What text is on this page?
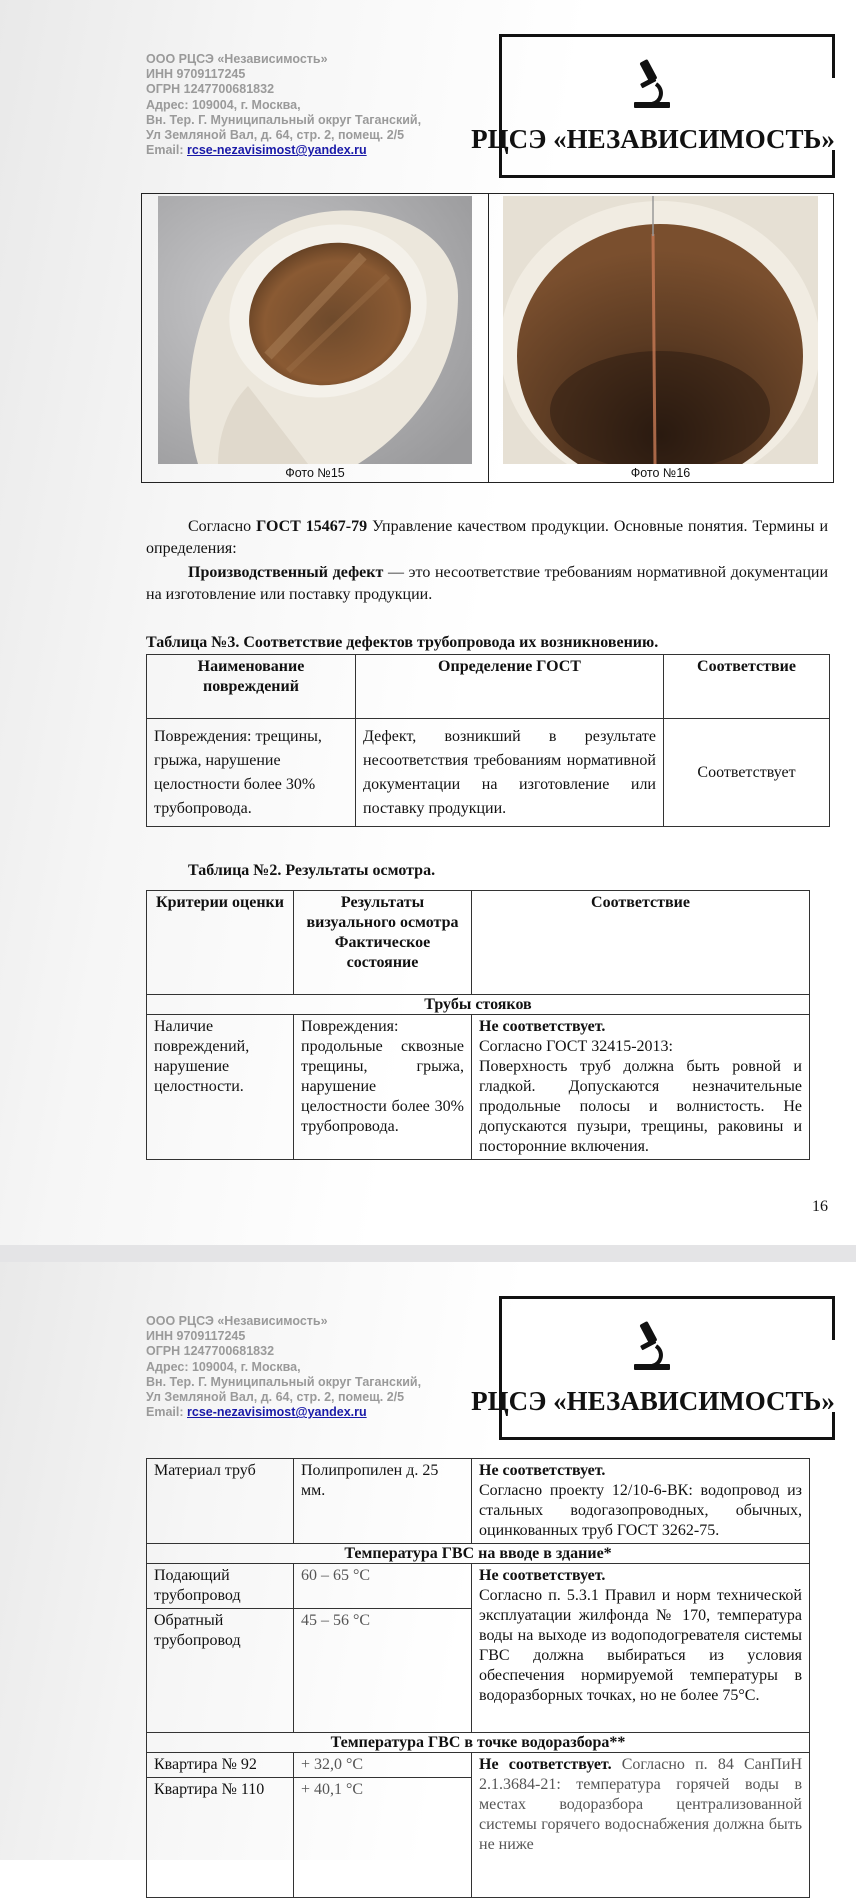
ООО РЦСЭ «Независимость»
ИНН 9709117245
ОГРН 1247700681832
Адрес: 109004, г. Москва,
Вн. Тер. Г. Муниципальный округ Таганский,
Ул Земляной Вал, д. 64, стр. 2, помещ. 2/5
Email: rcse-nezavisimost@yandex.ru	РЦСЭ «НЕЗАВИСИМОСТЬ»
Фото №15	Фото №16
Согласно ГОСТ 15467-79 Управление качеством продукции. Основные понятия. Термины и определения:
Производственный дефект — это несоответствие требованиям нормативной документации на изготовление или поставку продукции.
Таблица №3. Соответствие дефектов трубопровода их возникновению.
Наименование повреждений	Определение ГОСТ	Соответствие
Повреждения: трещины, грыжа, нарушение целостности более 30% трубопровода.	Дефект, возникший в результате несоответствия требованиям нормативной документации на изготовление или поставку продукции.	Соответствует
Таблица №2. Результаты осмотра.
Критерии оценки	Результаты визуального осмотра Фактическое состояние	Соответствие
Трубы стояков		
Наличие повреждений, нарушение целостности.	Повреждения: продольные сквозные трещины, грыжа, нарушение целостности более 30% трубопровода.	Не соответствует.
Согласно ГОСТ 32415-2013:
Поверхность труб должна быть ровной и гладкой. Допускаются незначительные продольные полосы и волнистость. Не допускаются пузыри, трещины, раковины и посторонние включения.
16
ООО РЦСЭ «Независимость»
ИНН 9709117245
ОГРН 1247700681832
Адрес: 109004, г. Москва,
Вн. Тер. Г. Муниципальный округ Таганский,
Ул Земляной Вал, д. 64, стр. 2, помещ. 2/5
Email: rcse-nezavisimost@yandex.ru	РЦСЭ «НЕЗАВИСИМОСТЬ»
Материал труб	Полипропилен д. 25 мм.	Не соответствует.
Согласно проекту 12/10-6-ВК: водопровод из стальных водогазопроводных, обычных, оцинкованных труб ГОСТ 3262-75.

Температура ГВС на вводе в здание*		
Подающий трубопровод	60 – 65 °C	Не соответствует.
Согласно п. 5.3.1 Правил и норм технической эксплуатации жилфонда № 170, температура воды на выходе из водоподогревателя системы ГВС должна выбираться из условия обеспечения нормируемой температуры в водоразборных точках, но не более 75°С.

Обратный трубопровод	45 – 56 °C	
Температура ГВС в точке водоразбора**		
Квартира № 92	+ 32,0 °C	Не соответствует. Согласно п. 84 СанПиН 2.1.3684-21: температура горячей воды в местах водоразбора централизованной системы горячего водоснабжения должна быть не ниже
Квартира № 110	+ 40,1 °C	
